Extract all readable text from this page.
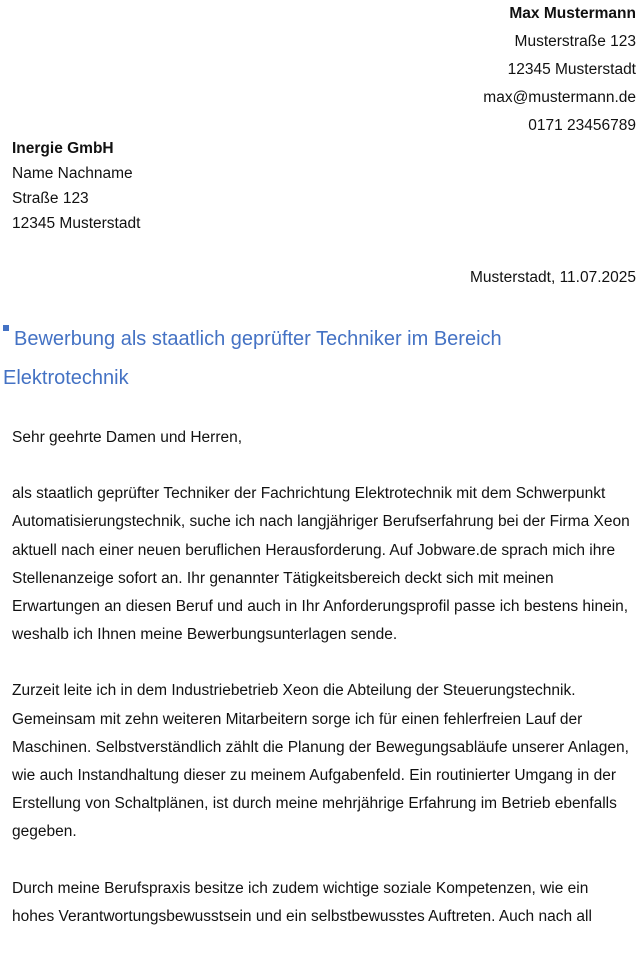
Max Mustermann
Musterstraße 123
12345 Musterstadt
max@mustermann.de
0171 23456789
Inergie GmbH
Name Nachname
Straße 123
12345 Musterstadt
Musterstadt, 11.07.2025
Bewerbung als staatlich geprüfter Techniker im Bereich
Elektrotechnik

Sehr geehrte Damen und Herren,

als staatlich geprüfter Techniker der Fachrichtung Elektrotechnik mit dem Schwerpunkt Automatisierungstechnik, suche ich nach langjähriger Berufserfahrung bei der Firma Xeon aktuell nach einer neuen beruflichen Herausforderung. Auf Jobware.de sprach mich ihre Stellenanzeige sofort an. Ihr genannter Tätigkeitsbereich deckt sich mit meinen Erwartungen an diesen Beruf und auch in Ihr Anforderungsprofil passe ich bestens hinein, weshalb ich Ihnen meine Bewerbungsunterlagen sende.

Zurzeit leite ich in dem Industriebetrieb Xeon die Abteilung der Steuerungstechnik. Gemeinsam mit zehn weiteren Mitarbeitern sorge ich für einen fehlerfreien Lauf der Maschinen. Selbstverständlich zählt die Planung der Bewegungsabläufe unserer Anlagen, wie auch Instandhaltung dieser zu meinem Aufgabenfeld. Ein routinierter Umgang in der Erstellung von Schaltplänen, ist durch meine mehrjährige Erfahrung im Betrieb ebenfalls gegeben.

Durch meine Berufspraxis besitze ich zudem wichtige soziale Kompetenzen, wie ein hohes Verantwortungsbewusstsein und ein selbstbewusstes Auftreten. Auch nach all
